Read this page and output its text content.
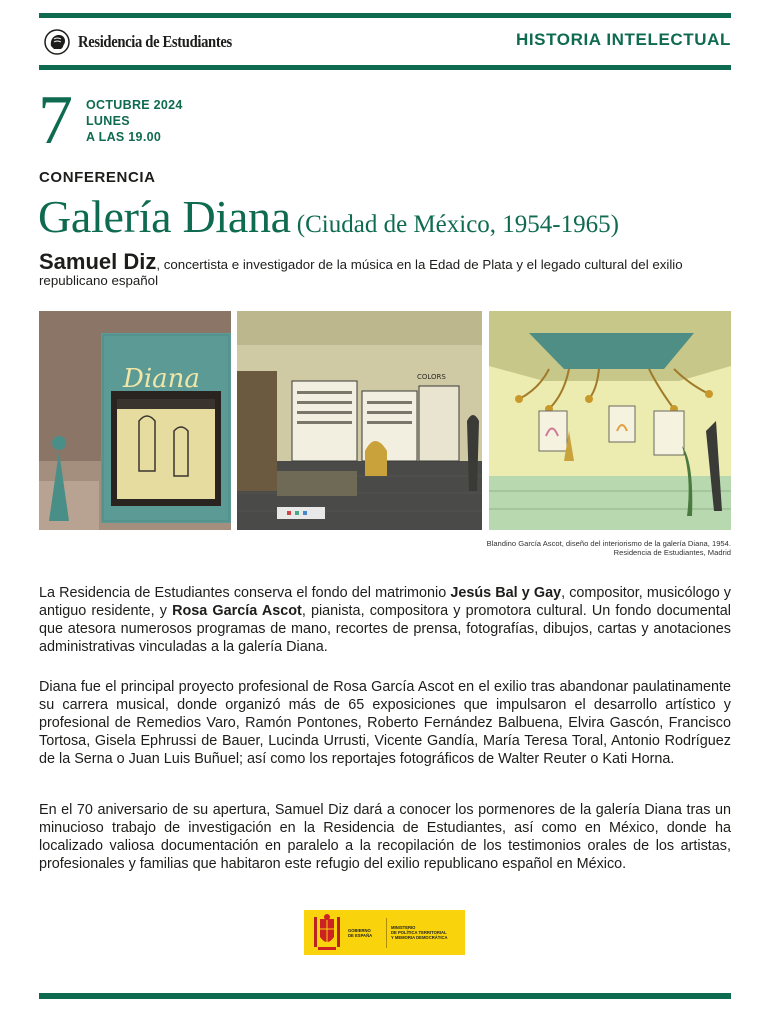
Residencia de Estudiantes	HISTORIA INTELECTUAL
7 OCTUBRE 2024
LUNES
A LAS 19.00
CONFERENCIA
Galería Diana (Ciudad de México, 1954-1965)
Samuel Diz, concertista e investigador de la música en la Edad de Plata y el legado cultural del exilio republicano español
Diana	COLORS
Blandino García Ascot, diseño del interiorismo de la galería Diana, 1954.
Residencia de Estudiantes, Madrid

La Residencia de Estudiantes conserva el fondo del matrimonio Jesús Bal y Gay, compositor, musicólogo y antiguo residente, y Rosa García Ascot, pianista, compositora y promotora cultural. Un fondo documental que atesora numerosos programas de mano, recortes de prensa, fotografías, dibujos, cartas y anotaciones administrativas vinculadas a la galería Diana.

Diana fue el principal proyecto profesional de Rosa García Ascot en el exilio tras abandonar paulatinamente su carrera musical, donde organizó más de 65 exposiciones que impulsaron el desarrollo artístico y profesional de Remedios Varo, Ramón Pontones, Roberto Fernández Balbuena, Elvira Gascón, Francisco Tortosa, Gisela Ephrussi de Bauer, Lucinda Urrusti, Vicente Gandía, María Teresa Toral, Antonio Rodríguez de la Serna o Juan Luis Buñuel; así como los reportajes fotográficos de Walter Reuter o Kati Horna.

En el 70 aniversario de su apertura, Samuel Diz dará a conocer los pormenores de la galería Diana tras un minucioso trabajo de investigación en la Residencia de Estudiantes, así como en México, donde ha localizado valiosa documentación en paralelo a la recopilación de los testimonios orales de los artistas, profesionales y familias que habitaron este refugio del exilio republicano español en México.

GOBIERNO
DE ESPAÑA
MINISTERIO
DE POLÍTICA TERRITORIAL
Y MEMORIA DEMOCRÁTICA
